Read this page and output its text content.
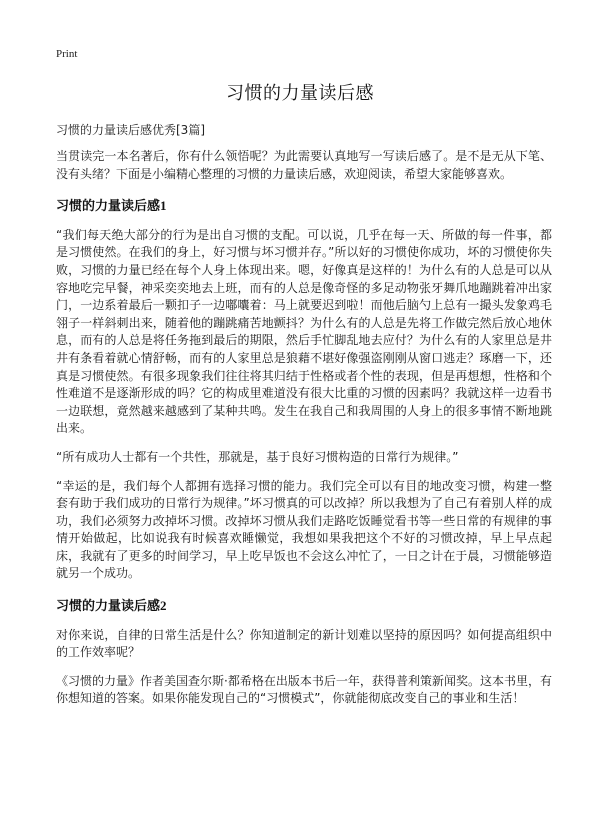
Print
习惯的力量读后感
习惯的力量读后感优秀[3篇]

当贯读完一本名著后，你有什么领悟呢？为此需要认真地写一写读后感了。是不是无从下笔、没有头绪？下面是小编精心整理的习惯的力量读后感，欢迎阅读，希望大家能够喜欢。

习惯的力量读后感1

“我们每天绝大部分的行为是出自习惯的支配。可以说，几乎在每一天、所做的每一件事，都是习惯使然。在我们的身上，好习惯与坏习惯并存。”所以好的习惯使你成功，坏的习惯使你失败，习惯的力量已经在每个人身上体现出来。嗯，好像真是这样的！为什么有的人总是可以从容地吃完早餐，神采奕奕地去上班，而有的人总是像奇怪的多足动物张牙舞爪地蹦跳着冲出家门，一边系着最后一颗扣子一边嘟囔着：马上就要迟到啦！而他后脑勺上总有一撮头发象鸡毛翎子一样斜刺出来，随着他的蹦跳痛苦地颤抖？为什么有的人总是先将工作做完然后放心地休息，而有的人总是将任务拖到最后的期限，然后手忙脚乱地去应付？为什么有的人家里总是井井有条看着就心情舒畅，而有的人家里总是狼藉不堪好像强盗刚刚从窗口逃走？琢磨一下，还真是习惯使然。有很多现象我们往往将其归结于性格或者个性的表现，但是再想想，性格和个性难道不是逐渐形成的吗？它的构成里难道没有很大比重的习惯的因素吗？我就这样一边看书一边联想，竟然越来越感到了某种共鸣。发生在我自己和我周围的人身上的很多事情不断地跳出来。

“所有成功人士都有一个共性，那就是，基于良好习惯构造的日常行为规律。”

“幸运的是，我们每个人都拥有选择习惯的能力。我们完全可以有目的地改变习惯，构建一整套有助于我们成功的日常行为规律。”坏习惯真的可以改掉？所以我想为了自己有着别人样的成功，我们必须努力改掉坏习惯。改掉坏习惯从我们走路吃饭睡觉看书等一些日常的有规律的事情开始做起，比如说我有时候喜欢睡懒觉，我想如果我把这个不好的习惯改掉，早上早点起床，我就有了更多的时间学习，早上吃早饭也不会这么冲忙了，一日之计在于晨，习惯能够造就另一个成功。

习惯的力量读后感2

对你来说，自律的日常生活是什么？你知道制定的新计划难以坚持的原因吗？如何提高组织中的工作效率呢？

《习惯的力量》作者美国查尔斯·都希格在出版本书后一年，获得普利策新闻奖。这本书里，有你想知道的答案。如果你能发现自己的“习惯模式”，你就能彻底改变自己的事业和生活！
